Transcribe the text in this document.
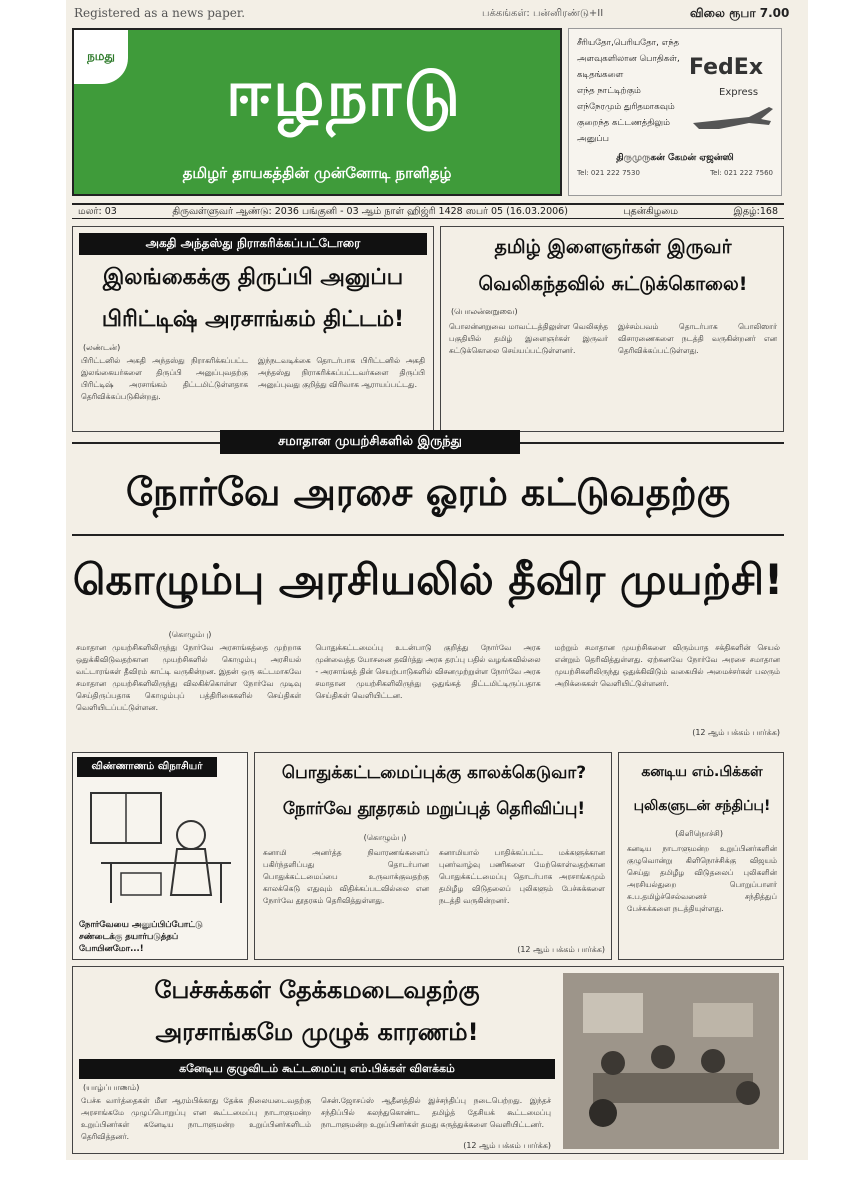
Registered as a news paper.	பக்கங்கள்: பன்னிரண்டு+II	விலை ரூபா 7.00
நமது
ஈழநாடு
தமிழர் தாயகத்தின் முன்னோடி நாளிதழ்
சீரியதோ,பெரியதோ, எந்த
அளவுகளிலான பொதிகள், கடிதங்களை
எந்த நாட்டிற்கும்
எந்நேரமும் துரிதமாகவும்
குறைந்த கட்டணத்திலும் அனுப்ப
FedEx
Express
திருமுருகன் கேமன் ஏஜன்ஸி
Tel: 021 222 7530	Tel: 021 222 7560
மலர்: 03	திருவள்ளுவர் ஆண்டு: 2036 பங்குனி - 03 ஆம் நாள் ஹிஜ்ரி 1428 ஸபர் 05 (16.03.2006)	புதன்கிழமை	இதழ்:168
அகதி அந்தஸ்து நிராகரிக்கப்பட்டோரை
இலங்கைக்கு திருப்பி அனுப்ப
பிரிட்டிஷ் அரசாங்கம் திட்டம்!
(லண்டன்)
பிரிட்டனில் அகதி அந்தஸ்து நிராகரிக்கப்பட்ட இலங்கையர்களை திருப்பி அனுப்புவதற்கு பிரிட்டிஷ் அரசாங்கம் திட்டமிட்டுள்ளதாக தெரிவிக்கப்படுகின்றது.
இந்நடவடிக்கை தொடர்பாக பிரிட்டனில் அகதி அந்தஸ்து நிராகரிக்கப்பட்டவர்களை திருப்பி அனுப்புவது குறித்து விரிவாக ஆராயப்பட்டது.
தமிழ் இளைஞர்கள் இருவர்
வெலிகந்தவில் சுட்டுக்கொலை!
(பொலன்னறுவை)
பொலன்னறுவை மாவட்டத்திலுள்ள வெலிகந்த பகுதியில் தமிழ் இளைஞர்கள் இருவர் சுட்டுக்கொலை செய்யப்பட்டுள்ளனர்.
இச்சம்பவம் தொடர்பாக பொலிஸார் விசாரணைகளை நடத்தி வருகின்றனர் என தெரிவிக்கப்பட்டுள்ளது.
சமாதான முயற்சிகளில் இருந்து
நோர்வே அரசை ஓரம் கட்டுவதற்கு
கொழும்பு அரசியலில் தீவிர முயற்சி!
(கொழும்பு)
சமாதான முயற்சிகளிலிருந்து நோர்வே அரசாங்கத்தை முற்றாக ஒதுக்கிவிடுவதற்கான முயற்சிகளில் கொழும்பு அரசியல் வட்டாரங்கள் தீவிரம் காட்டி வருகின்றன. இதன் ஒரு கட்டமாகவே சமாதான முயற்சிகளிலிருந்து விலகிக்கொள்ள நோர்வே முடிவு செய்திருப்பதாக கொழும்புப் பத்திரிகைகளில் செய்திகள் வெளியிடப்பட்டுள்ளன.
பொதுக்கட்டமைப்பு உடன்பாடு குறித்து நோர்வே அரசு முன்வைத்த யோசனை தவிர்த்து அரசு தரப்பு பதில் வழங்கவில்லை - அரசாங்கத் தின் செயற்பாடுகளில் விசனமுற்றுள்ள நோர்வே அரசு சமாதான முயற்சிகளிலிருந்து ஒதுங்கத் திட்டமிட்டிருப்பதாக செய்திகள் வெளியிட்டன.
மற்றும் சமாதான முயற்சிகளை விரும்பாத சக்திகளின் செயல் என்றும் தெரிவித்துள்ளது. ஏற்கனவே நோர்வே அரசை சமாதான முயற்சிகளிலிருந்து ஒதுக்கிவிடும் வகையில் அமைச்சர்கள் பலரும் அறிக்கைகள் வெளியிட்டுள்ளனர்.
(12 ஆம் பக்கம் பார்க்க)
விண்ணாணம் விநாசியர்
நோர்வேயை அனுப்பிப்போட்டு சண்டைக்கு தயார்படுத்தப் போயினமோ...!
பொதுக்கட்டமைப்புக்கு காலக்கெடுவா?
நோர்வே தூதரகம் மறுப்புத் தெரிவிப்பு!
(கொழும்பு)
சுனாமி அனர்த்த நிவாரணங்களைப் பகிர்ந்தளிப்பது தொடர்பான பொதுக்கட்டமைப்பை உருவாக்குவதற்கு காலக்கெடு எதுவும் விதிக்கப்படவில்லை என நோர்வே தூதரகம் தெரிவித்துள்ளது.
சுனாமியால் பாதிக்கப்பட்ட மக்களுக்கான புனர்வாழ்வு பணிகளை மேற்கொள்வதற்கான பொதுக்கட்டமைப்பு தொடர்பாக அரசாங்கமும் தமிழீழ விடுதலைப் புலிகளும் பேச்சுக்களை நடத்தி வருகின்றனர்.
(12 ஆம் பக்கம் பார்க்க)
கனடிய எம்.பிக்கள்
புலிகளுடன் சந்திப்பு!
(கிளிநொச்சி)
கனடிய நாடாளுமன்ற உறுப்பினர்களின் குழுவொன்று கிளிநொச்சிக்கு விஜயம் செய்து தமிழீழ விடுதலைப் புலிகளின் அரசியல்துறை பொறுப்பாளர் சு.ப.தமிழ்ச்செல்வனைச் சந்தித்துப் பேச்சுக்களை நடத்தியுள்ளது.
பேச்சுக்கள் தேக்கமடைவதற்கு
அரசாங்கமே முழுக் காரணம்!
கனேடிய குழுவிடம் கூட்டமைப்பு எம்.பிக்கள் விளக்கம்
(யாழ்ப்பாணம்)
பேச்சு வார்த்தைகள் மீள ஆரம்பிக்காது தேக்க நிலையடைவதற்கு அரசாங்கமே முழுப்பொறுப்பு என கூட்டமைப்பு நாடாளுமன்ற உறுப்பினர்கள் கனேடிய நாடாளுமன்ற உறுப்பினர்களிடம் தெரிவித்தனர்.
சென்.ஜோசப்ஸ் ஆதீனத்தில் இச்சந்திப்பு நடைபெற்றது. இந்தச் சந்திப்பில் கலந்துகொண்ட தமிழ்த் தேசியக் கூட்டமைப்பு நாடாளுமன்ற உறுப்பினர்கள் தமது கருத்துக்களை வெளியிட்டனர்.
(12 ஆம் பக்கம் பார்க்க)
